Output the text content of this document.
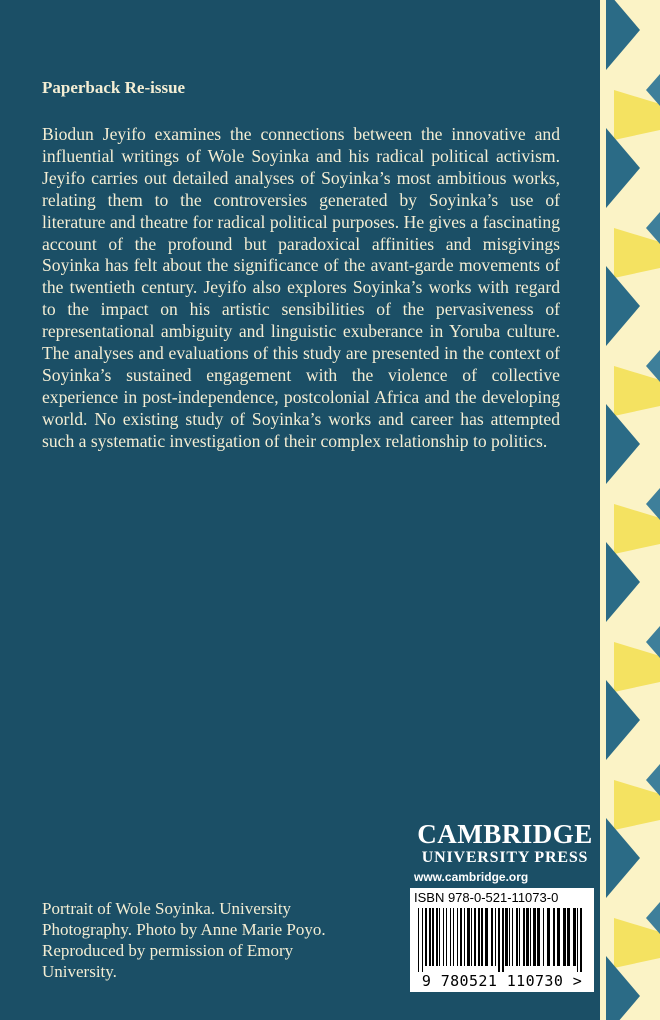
Paperback Re-issue

Biodun Jeyifo examines the connections between the innovative and influential writings of Wole Soyinka and his radical political activism. Jeyifo carries out detailed analyses of Soyinka’s most ambitious works, relating them to the controversies generated by Soyinka’s use of literature and theatre for radical political purposes. He gives a fascinating account of the profound but paradoxical affinities and misgivings Soyinka has felt about the significance of the avant-garde movements of the twentieth century. Jeyifo also explores Soyinka’s works with regard to the impact on his artistic sensibilities of the pervasiveness of representational ambiguity and linguistic exuberance in Yoruba culture. The analyses and evaluations of this study are presented in the context of Soyinka’s sustained engagement with the violence of collective experience in post-independence, postcolonial Africa and the developing world. No existing study of Soyinka’s works and career has attempted such a systematic investigation of their complex relationship to politics.

Portrait of Wole Soyinka. University Photography. Photo by Anne Marie Poyo. Reproduced by permission of Emory University.

CAMBRIDGE
UNIVERSITY PRESS
www.cambridge.org
ISBN 978-0-521-11073-0
9 780521 110730 >
